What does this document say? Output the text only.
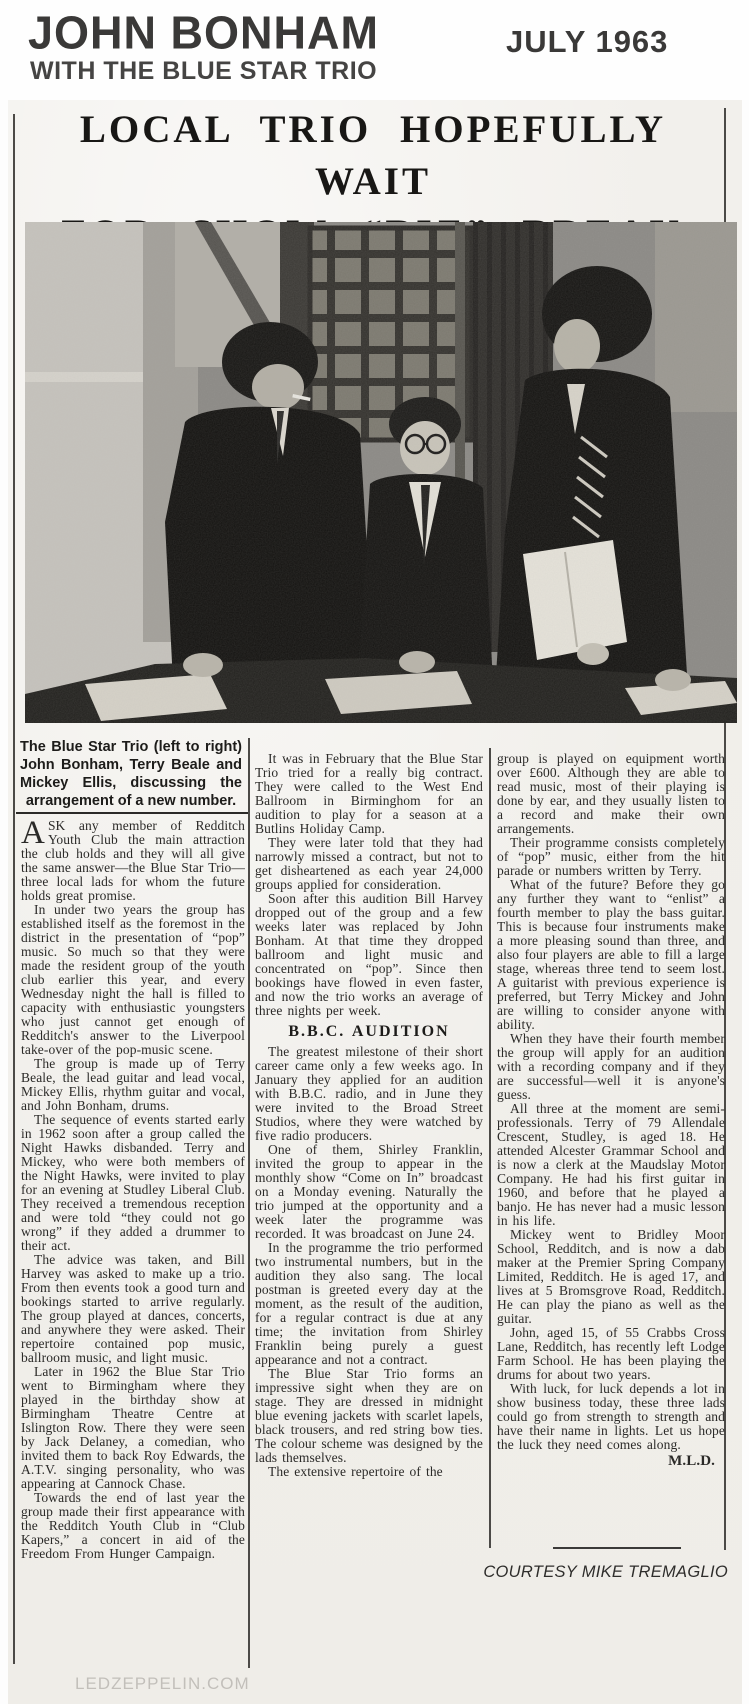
JOHN BONHAM
WITH THE BLUE STAR TRIO
JULY 1963
LOCAL TRIO HOPEFULLY WAIT
The Blue Star Trio (left to right) John Bonham, Terry Beale and Mickey Ellis, discussing the arrangement of a new number.

ASK any member of Redditch Youth Club the main attraction the club holds and they will all give the same answer—the Blue Star Trio—three local lads for whom the future holds great promise.

In under two years the group has established itself as the foremost in the district in the presentation of “pop” music. So much so that they were made the resident group of the youth club earlier this year, and every Wednesday night the hall is filled to capacity with enthusiastic youngsters who just cannot get enough of Redditch's answer to the Liverpool take-over of the pop-music scene.

The group is made up of Terry Beale, the lead guitar and lead vocal, Mickey Ellis, rhythm guitar and vocal, and John Bonham, drums.

The sequence of events started early in 1962 soon after a group called the Night Hawks disbanded. Terry and Mickey, who were both members of the Night Hawks, were invited to play for an evening at Studley Liberal Club. They received a tremendous reception and were told “they could not go wrong” if they added a drummer to their act.

The advice was taken, and Bill Harvey was asked to make up a trio. From then events took a good turn and bookings started to arrive regularly. The group played at dances, concerts, and anywhere they were asked. Their repertoire contained pop music, ballroom music, and light music.

Later in 1962 the Blue Star Trio went to Birmingham where they played in the birthday show at Birmingham Theatre Centre at Islington Row. There they were seen by Jack Delaney, a comedian, who invited them to back Roy Edwards, the A.T.V. singing personality, who was appearing at Cannock Chase.

Towards the end of last year the group made their first appearance with the Redditch Youth Club in “Club Kapers,” a concert in aid of the Freedom From Hunger Campaign.

It was in February that the Blue Star Trio tried for a really big contract. They were called to the West End Ballroom in Birminghom for an audition to play for a season at a Butlins Holiday Camp.

They were later told that they had narrowly missed a contract, but not to get disheartened as each year 24,000 groups applied for consideration.

Soon after this audition Bill Harvey dropped out of the group and a few weeks later was replaced by John Bonham. At that time they dropped ballroom and light music and concentrated on “pop”. Since then bookings have flowed in even faster, and now the trio works an average of three nights per week.

B.B.C. AUDITION

The greatest milestone of their short career came only a few weeks ago. In January they applied for an audition with B.B.C. radio, and in June they were invited to the Broad Street Studios, where they were watched by five radio producers.

One of them, Shirley Franklin, invited the group to appear in the monthly show “Come on In” broadcast on a Monday evening. Naturally the trio jumped at the opportunity and a week later the programme was recorded. It was broadcast on June 24.

In the programme the trio performed two instrumental numbers, but in the audition they also sang. The local postman is greeted every day at the moment, as the result of the audition, for a regular contract is due at any time; the invitation from Shirley Franklin being purely a guest appearance and not a contract.

The Blue Star Trio forms an impressive sight when they are on stage. They are dressed in midnight blue evening jackets with scarlet lapels, black trousers, and red string bow ties. The colour scheme was designed by the lads themselves.

The extensive repertoire of the

group is played on equipment worth over £600. Although they are able to read music, most of their playing is done by ear, and they usually listen to a record and make their own arrangements.

Their programme consists completely of “pop” music, either from the hit parade or numbers written by Terry.

What of the future? Before they go any further they want to “enlist” a fourth member to play the bass guitar. This is because four instruments make a more pleasing sound than three, and also four players are able to fill a large stage, whereas three tend to seem lost. A guitarist with previous experience is preferred, but Terry Mickey and John are willing to consider anyone with ability.

When they have their fourth member the group will apply for an audition with a recording company and if they are successful—well it is anyone's guess.

All three at the moment are semi-professionals. Terry of 79 Allendale Crescent, Studley, is aged 18. He attended Alcester Grammar School and is now a clerk at the Maudslay Motor Company. He had his first guitar in 1960, and before that he played a banjo. He has never had a music lesson in his life.

Mickey went to Bridley Moor School, Redditch, and is now a dab maker at the Premier Spring Company Limited, Redditch. He is aged 17, and lives at 5 Bromsgrove Road, Redditch. He can play the piano as well as the guitar.

John, aged 15, of 55 Crabbs Cross Lane, Redditch, has recently left Lodge Farm School. He has been playing the drums for about two years.

With luck, for luck depends a lot in show business today, these three lads could go from strength to strength and have their name in lights. Let us hope the luck they need comes along.

M.L.D.
COURTESY MIKE TREMAGLIO
LEDZEPPELIN.COM
